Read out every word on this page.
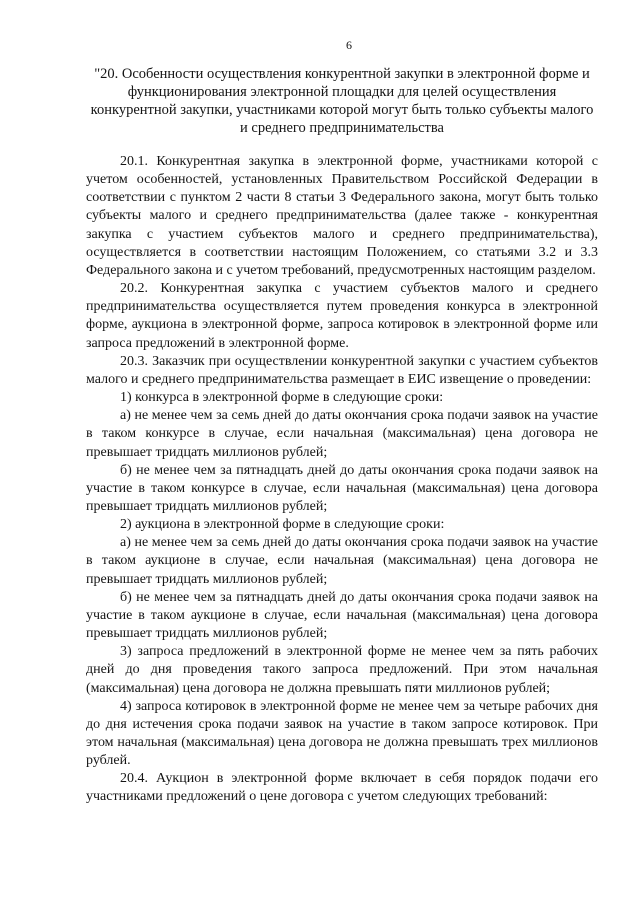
6
"20. Особенности осуществления конкурентной закупки в электронной форме и функционирования электронной площадки для целей осуществления конкурентной закупки, участниками которой могут быть только субъекты малого и среднего предпринимательства

20.1. Конкурентная закупка в электронной форме, участниками которой с учетом особенностей, установленных Правительством Российской Федерации в соответствии с пунктом 2 части 8 статьи 3 Федерального закона, могут быть только субъекты малого и среднего предпринимательства (далее также - конкурентная закупка с участием субъектов малого и среднего предпринимательства), осуществляется в соответствии настоящим Положением, со статьями 3.2 и 3.3 Федерального закона и с учетом требований, предусмотренных настоящим разделом.

20.2. Конкурентная закупка с участием субъектов малого и среднего предпринимательства осуществляется путем проведения конкурса в электронной форме, аукциона в электронной форме, запроса котировок в электронной форме или запроса предложений в электронной форме.

20.3. Заказчик при осуществлении конкурентной закупки с участием субъектов малого и среднего предпринимательства размещает в ЕИС извещение о проведении:

1) конкурса в электронной форме в следующие сроки:

а) не менее чем за семь дней до даты окончания срока подачи заявок на участие в таком конкурсе в случае, если начальная (максимальная) цена договора не превышает тридцать миллионов рублей;

б) не менее чем за пятнадцать дней до даты окончания срока подачи заявок на участие в таком конкурсе в случае, если начальная (максимальная) цена договора превышает тридцать миллионов рублей;

2) аукциона в электронной форме в следующие сроки:

а) не менее чем за семь дней до даты окончания срока подачи заявок на участие в таком аукционе в случае, если начальная (максимальная) цена договора не превышает тридцать миллионов рублей;

б) не менее чем за пятнадцать дней до даты окончания срока подачи заявок на участие в таком аукционе в случае, если начальная (максимальная) цена договора превышает тридцать миллионов рублей;

3) запроса предложений в электронной форме не менее чем за пять рабочих дней до дня проведения такого запроса предложений. При этом начальная (максимальная) цена договора не должна превышать пяти миллионов рублей;

4) запроса котировок в электронной форме не менее чем за четыре рабочих дня до дня истечения срока подачи заявок на участие в таком запросе котировок. При этом начальная (максимальная) цена договора не должна превышать трех миллионов рублей.

20.4. Аукцион в электронной форме включает в себя порядок подачи его участниками предложений о цене договора с учетом следующих требований:
